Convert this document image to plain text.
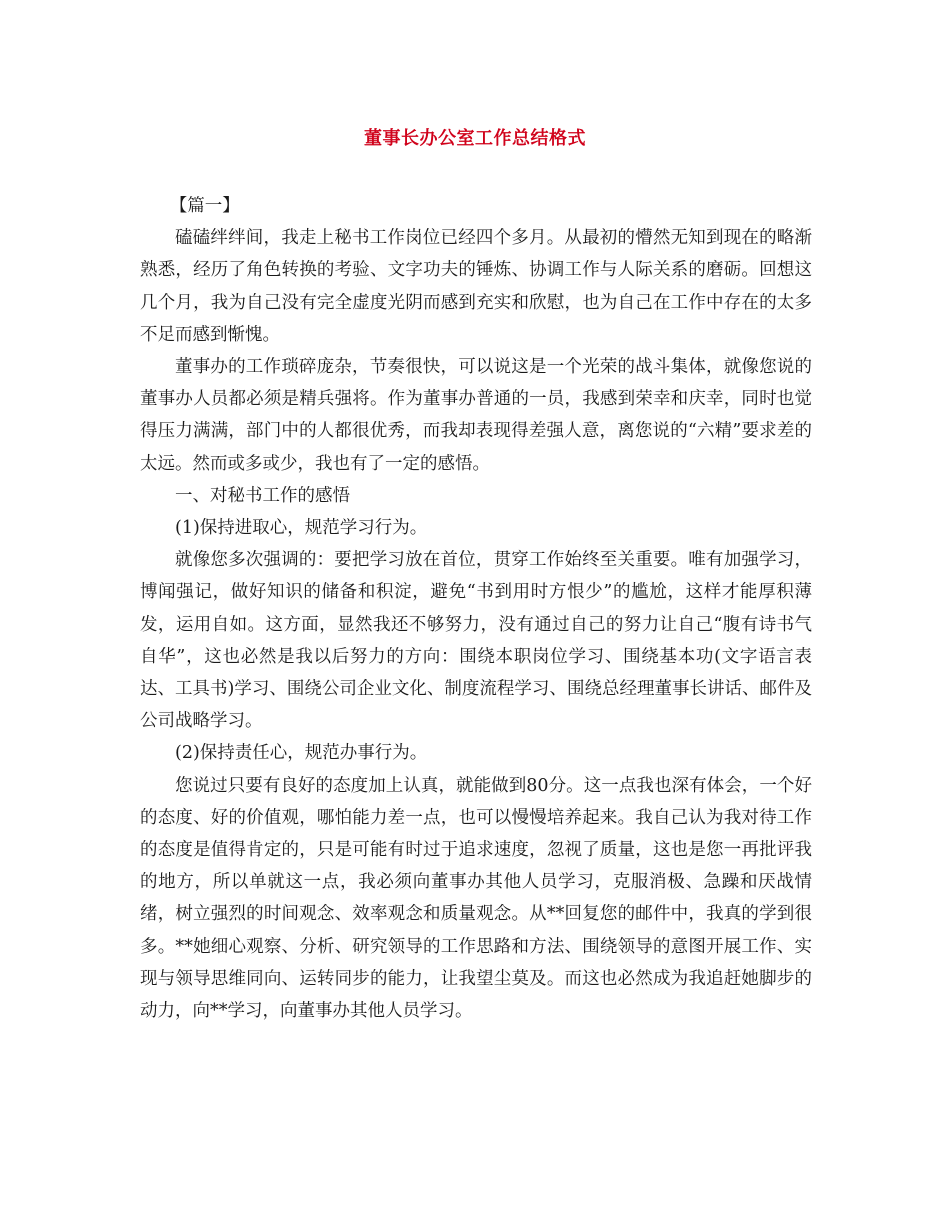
董事长办公室工作总结格式

【篇一】

磕磕绊绊间，我走上秘书工作岗位已经四个多月。从最初的懵然无知到现在的略渐熟悉，经历了角色转换的考验、文字功夫的锤炼、协调工作与人际关系的磨砺。回想这几个月，我为自己没有完全虚度光阴而感到充实和欣慰，也为自己在工作中存在的太多不足而感到惭愧。

董事办的工作琐碎庞杂，节奏很快，可以说这是一个光荣的战斗集体，就像您说的董事办人员都必须是精兵强将。作为董事办普通的一员，我感到荣幸和庆幸，同时也觉得压力满满，部门中的人都很优秀，而我却表现得差强人意，离您说的“六精”要求差的太远。然而或多或少，我也有了一定的感悟。

一、对秘书工作的感悟

(1)保持进取心，规范学习行为。

就像您多次强调的：要把学习放在首位，贯穿工作始终至关重要。唯有加强学习，博闻强记，做好知识的储备和积淀，避免“书到用时方恨少”的尴尬，这样才能厚积薄发，运用自如。这方面，显然我还不够努力，没有通过自己的努力让自己“腹有诗书气自华”，这也必然是我以后努力的方向：围绕本职岗位学习、围绕基本功(文字语言表达、工具书)学习、围绕公司企业文化、制度流程学习、围绕总经理董事长讲话、邮件及公司战略学习。

(2)保持责任心，规范办事行为。

您说过只要有良好的态度加上认真，就能做到80分。这一点我也深有体会，一个好的态度、好的价值观，哪怕能力差一点，也可以慢慢培养起来。我自己认为我对待工作的态度是值得肯定的，只是可能有时过于追求速度，忽视了质量，这也是您一再批评我的地方，所以单就这一点，我必须向董事办其他人员学习，克服消极、急躁和厌战情绪，树立强烈的时间观念、效率观念和质量观念。从**回复您的邮件中，我真的学到很多。**她细心观察、分析、研究领导的工作思路和方法、围绕领导的意图开展工作、实现与领导思维同向、运转同步的能力，让我望尘莫及。而这也必然成为我追赶她脚步的动力，向**学习，向董事办其他人员学习。
